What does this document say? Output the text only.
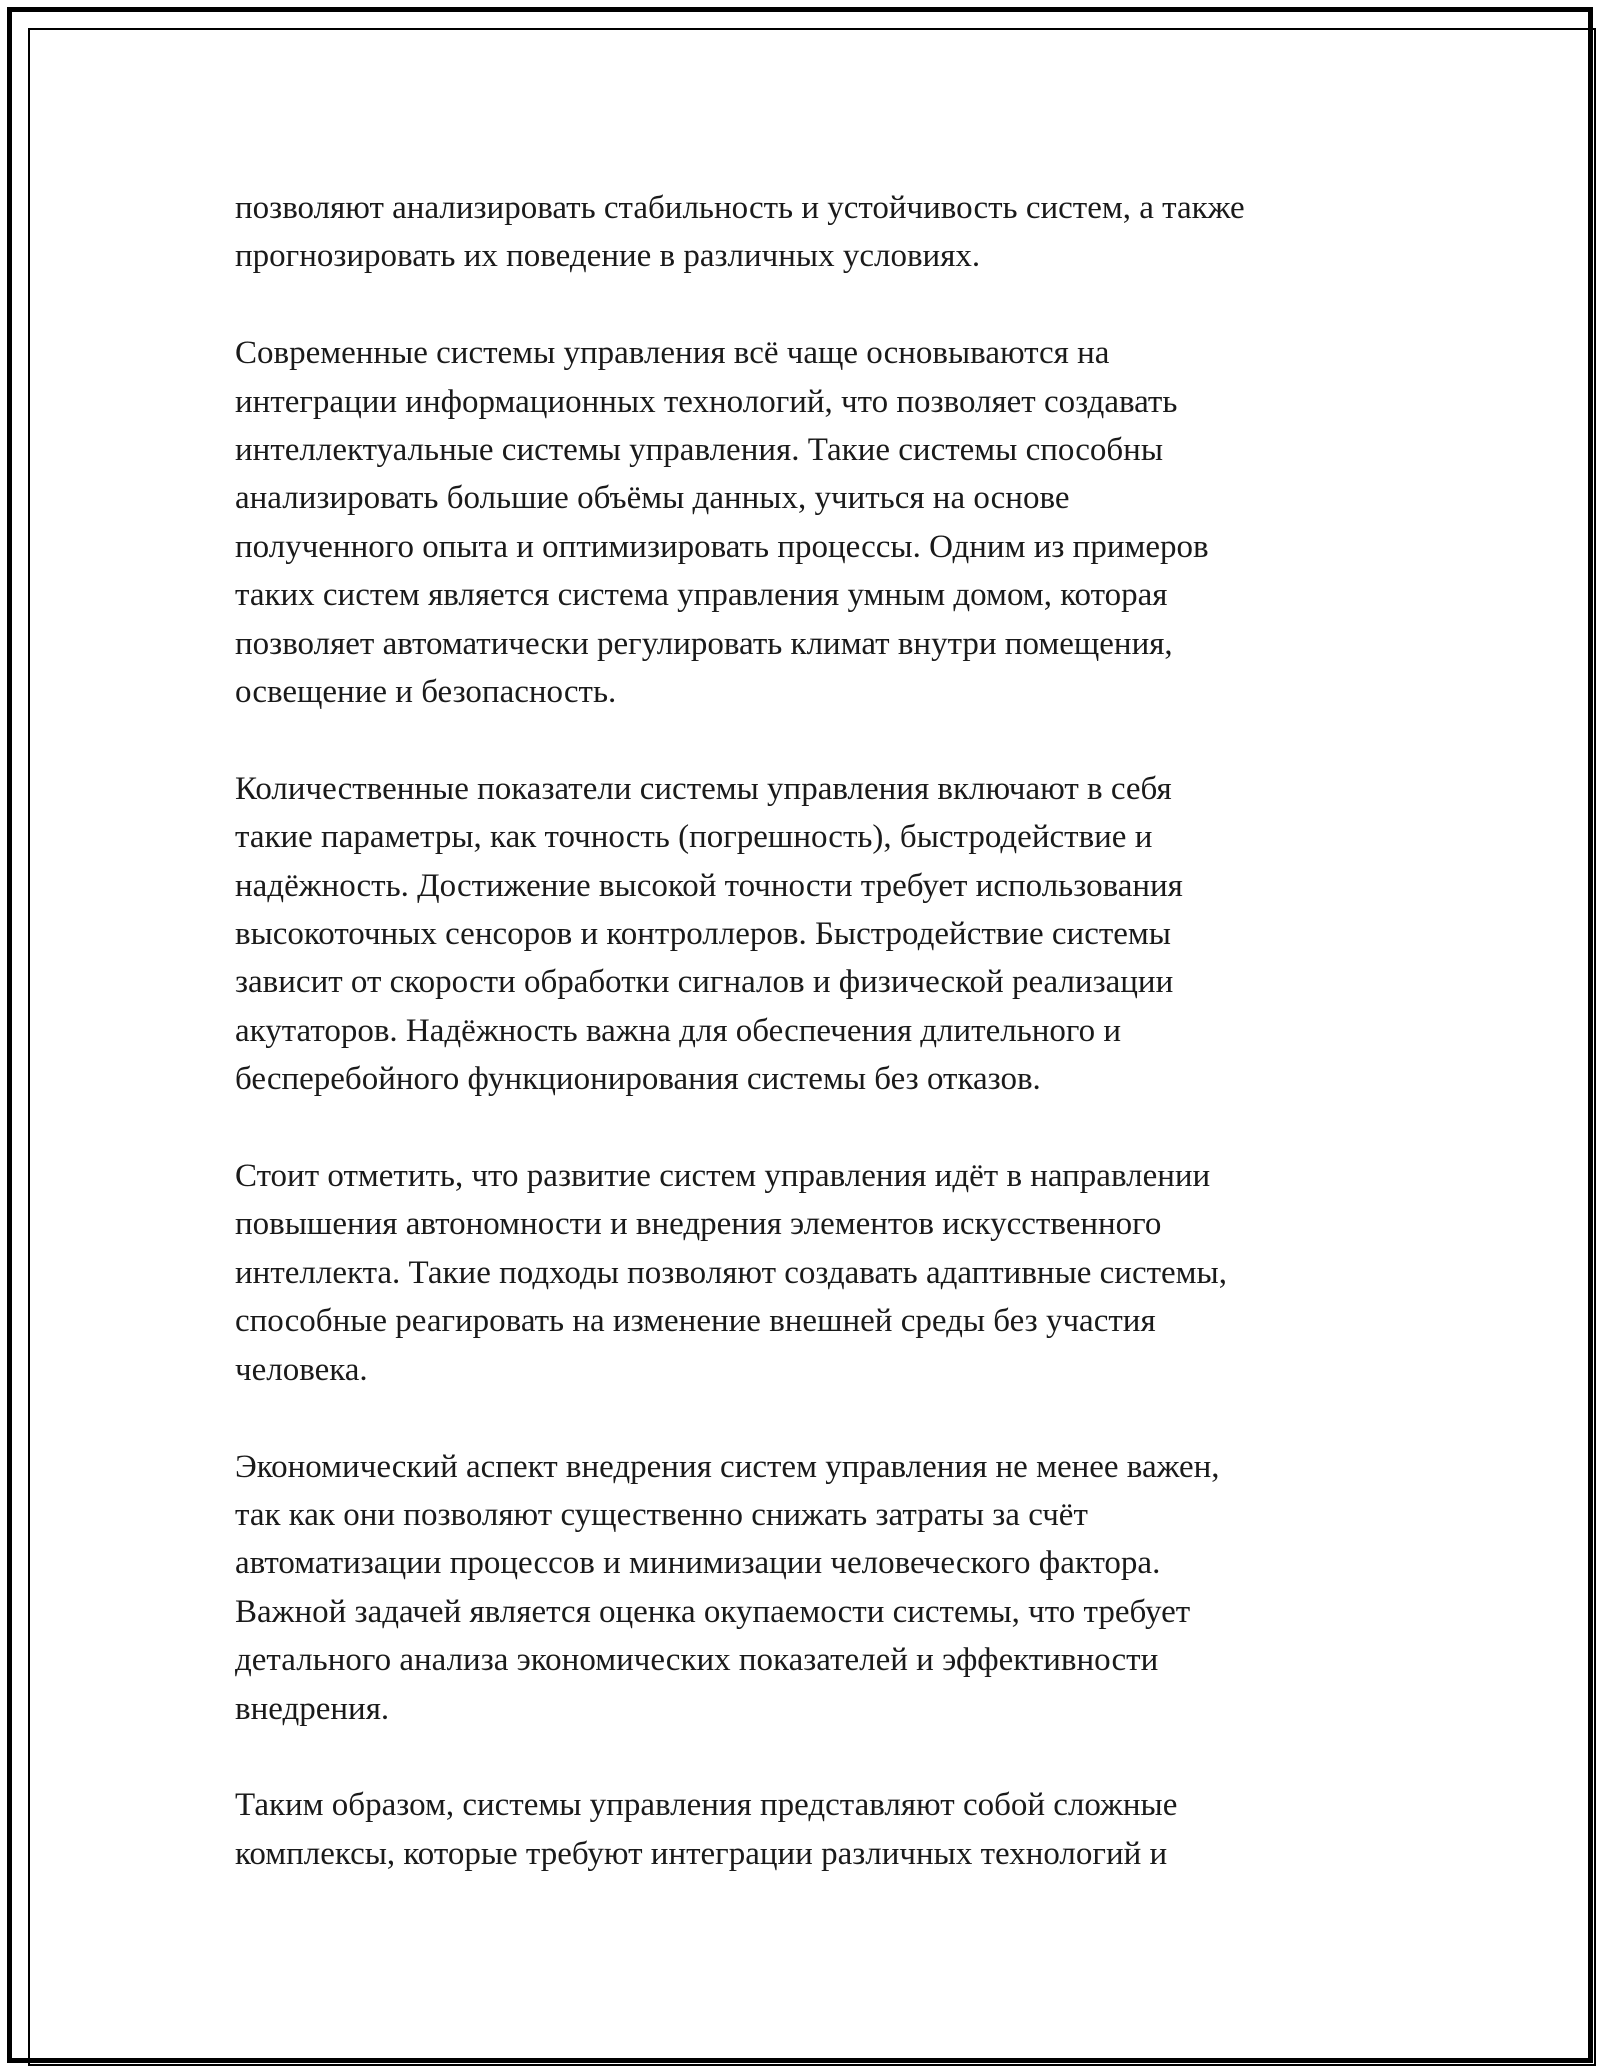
позволяют анализировать стабильность и устойчивость систем, а также
прогнозировать их поведение в различных условиях.

Современные системы управления всё чаще основываются на
интеграции информационных технологий, что позволяет создавать
интеллектуальные системы управления. Такие системы способны
анализировать большие объёмы данных, учиться на основе
полученного опыта и оптимизировать процессы. Одним из примеров
таких систем является система управления умным домом, которая
позволяет автоматически регулировать климат внутри помещения,
освещение и безопасность.

Количественные показатели системы управления включают в себя
такие параметры, как точность (погрешность), быстродействие и
надёжность. Достижение высокой точности требует использования
высокоточных сенсоров и контроллеров. Быстродействие системы
зависит от скорости обработки сигналов и физической реализации
акутаторов. Надёжность важна для обеспечения длительного и
бесперебойного функционирования системы без отказов.

Стоит отметить, что развитие систем управления идёт в направлении
повышения автономности и внедрения элементов искусственного
интеллекта. Такие подходы позволяют создавать адаптивные системы,
способные реагировать на изменение внешней среды без участия
человека.

Экономический аспект внедрения систем управления не менее важен,
так как они позволяют существенно снижать затраты за счёт
автоматизации процессов и минимизации человеческого фактора.
Важной задачей является оценка окупаемости системы, что требует
детального анализа экономических показателей и эффективности
внедрения.

Таким образом, системы управления представляют собой сложные
комплексы, которые требуют интеграции различных технологий и
